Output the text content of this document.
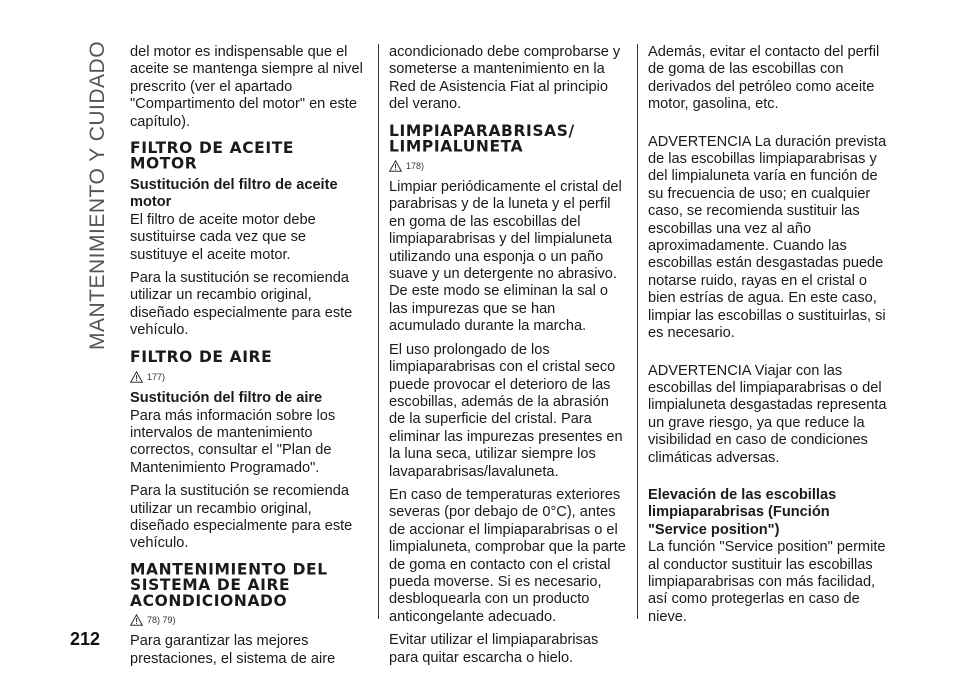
MANTENIMIENTO Y CUIDADO
212

del motor es indispensable que el aceite se mantenga siempre al nivel prescrito (ver el apartado "Compartimento del motor" en este capítulo).

FILTRO DE ACEITE MOTOR
Sustitución del filtro de aceite motor

El filtro de aceite motor debe sustituirse cada vez que se sustituye el aceite motor.

Para la sustitución se recomienda utilizar un recambio original, diseñado especialmente para este vehículo.

FILTRO DE AIRE
177)
Sustitución del filtro de aire

Para más información sobre los intervalos de mantenimiento correctos, consultar el "Plan de Mantenimiento Programado".

Para la sustitución se recomienda utilizar un recambio original, diseñado especialmente para este vehículo.

MANTENIMIENTO DEL SISTEMA DE AIRE ACONDICIONADO
78) 79)

Para garantizar las mejores prestaciones, el sistema de aire

acondicionado debe comprobarse y someterse a mantenimiento en la Red de Asistencia Fiat al principio del verano.

LIMPIAPARABRISAS/ LIMPIALUNETA
178)

Limpiar periódicamente el cristal del parabrisas y de la luneta y el perfil en goma de las escobillas del limpiaparabrisas y del limpialuneta utilizando una esponja o un paño suave y un detergente no abrasivo. De este modo se eliminan la sal o las impurezas que se han acumulado durante la marcha.

El uso prolongado de los limpiaparabrisas con el cristal seco puede provocar el deterioro de las escobillas, además de la abrasión de la superficie del cristal. Para eliminar las impurezas presentes en la luna seca, utilizar siempre los lavaparabrisas/lavaluneta.

En caso de temperaturas exteriores severas (por debajo de 0°C), antes de accionar el limpiaparabrisas o el limpialuneta, comprobar que la parte de goma en contacto con el cristal pueda moverse. Si es necesario, desbloquearla con un producto anticongelante adecuado.

Evitar utilizar el limpiaparabrisas para quitar escarcha o hielo.

Además, evitar el contacto del perfil de goma de las escobillas con derivados del petróleo como aceite motor, gasolina, etc.

ADVERTENCIA La duración prevista de las escobillas limpiaparabrisas y del limpialuneta varía en función de su frecuencia de uso; en cualquier caso, se recomienda sustituir las escobillas una vez al año aproximadamente. Cuando las escobillas están desgastadas puede notarse ruido, rayas en el cristal o bien estrías de agua. En este caso, limpiar las escobillas o sustituirlas, si es necesario.

ADVERTENCIA Viajar con las escobillas del limpiaparabrisas o del limpialuneta desgastadas representa un grave riesgo, ya que reduce la visibilidad en caso de condiciones climáticas adversas.

Elevación de las escobillas limpiaparabrisas (Función "Service position")

La función "Service position" permite al conductor sustituir las escobillas limpiaparabrisas con más facilidad, así como protegerlas en caso de nieve.
